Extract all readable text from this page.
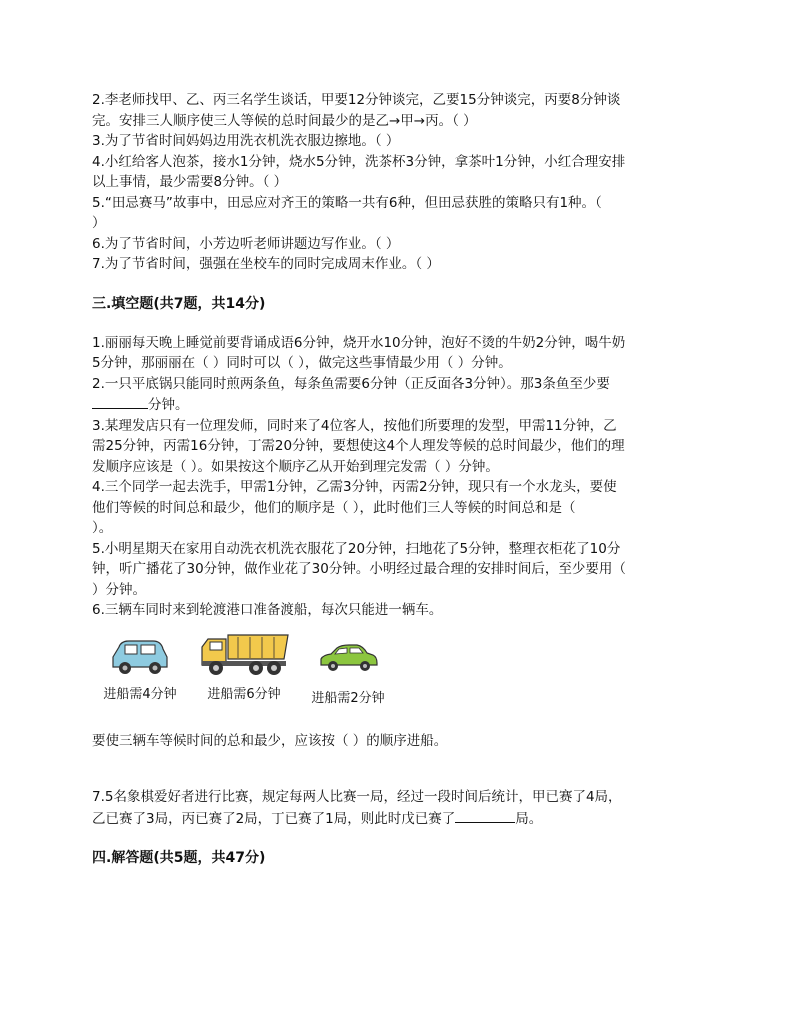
2.李老师找甲、乙、丙三名学生谈话，甲要12分钟谈完，乙要15分钟谈完，丙要8分钟谈

完。安排三人顺序使三人等候的总时间最少的是乙→甲→丙。（ ）

3.为了节省时间妈妈边用洗衣机洗衣服边擦地。（ ）

4.小红给客人泡茶，接水1分钟，烧水5分钟，洗茶杯3分钟，拿茶叶1分钟，小红合理安排

以上事情，最少需要8分钟。（ ）

5.“田忌赛马”故事中，田忌应对齐王的策略一共有6种，但田忌获胜的策略只有1种。（

）

6.为了节省时间，小芳边听老师讲题边写作业。（ ）

7.为了节省时间，强强在坐校车的同时完成周末作业。（ ）

三.填空题(共7题，共14分)

1.丽丽每天晚上睡觉前要背诵成语6分钟，烧开水10分钟，泡好不烫的牛奶2分钟，喝牛奶

5分钟，那丽丽在（ ）同时可以（ ），做完这些事情最少用（ ）分钟。

2.一只平底锅只能同时煎两条鱼，每条鱼需要6分钟（正反面各3分钟）。那3条鱼至少要

分钟。

3.某理发店只有一位理发师，同时来了4位客人，按他们所要理的发型，甲需11分钟，乙

需25分钟，丙需16分钟，丁需20分钟，要想使这4个人理发等候的总时间最少，他们的理

发顺序应该是（ ）。如果按这个顺序乙从开始到理完发需（ ）分钟。

4.三个同学一起去洗手，甲需1分钟，乙需3分钟，丙需2分钟，现只有一个水龙头，要使

他们等候的时间总和最少，他们的顺序是（ ），此时他们三人等候的时间总和是（

）。

5.小明星期天在家用自动洗衣机洗衣服花了20分钟，扫地花了5分钟，整理衣柜花了10分

钟，听广播花了30分钟，做作业花了30分钟。小明经过最合理的安排时间后，至少要用（

）分钟。

6.三辆车同时来到轮渡港口准备渡船，每次只能进一辆车。

进船需4分钟	进船需6分钟	进船需2分钟

要使三辆车等候时间的总和最少，应该按（ ）的顺序进船。

7.5名象棋爱好者进行比赛，规定每两人比赛一局，经过一段时间后统计，甲已赛了4局，

乙已赛了3局，丙已赛了2局，丁已赛了1局，则此时戊已赛了	局。

四.解答题(共5题，共47分)
